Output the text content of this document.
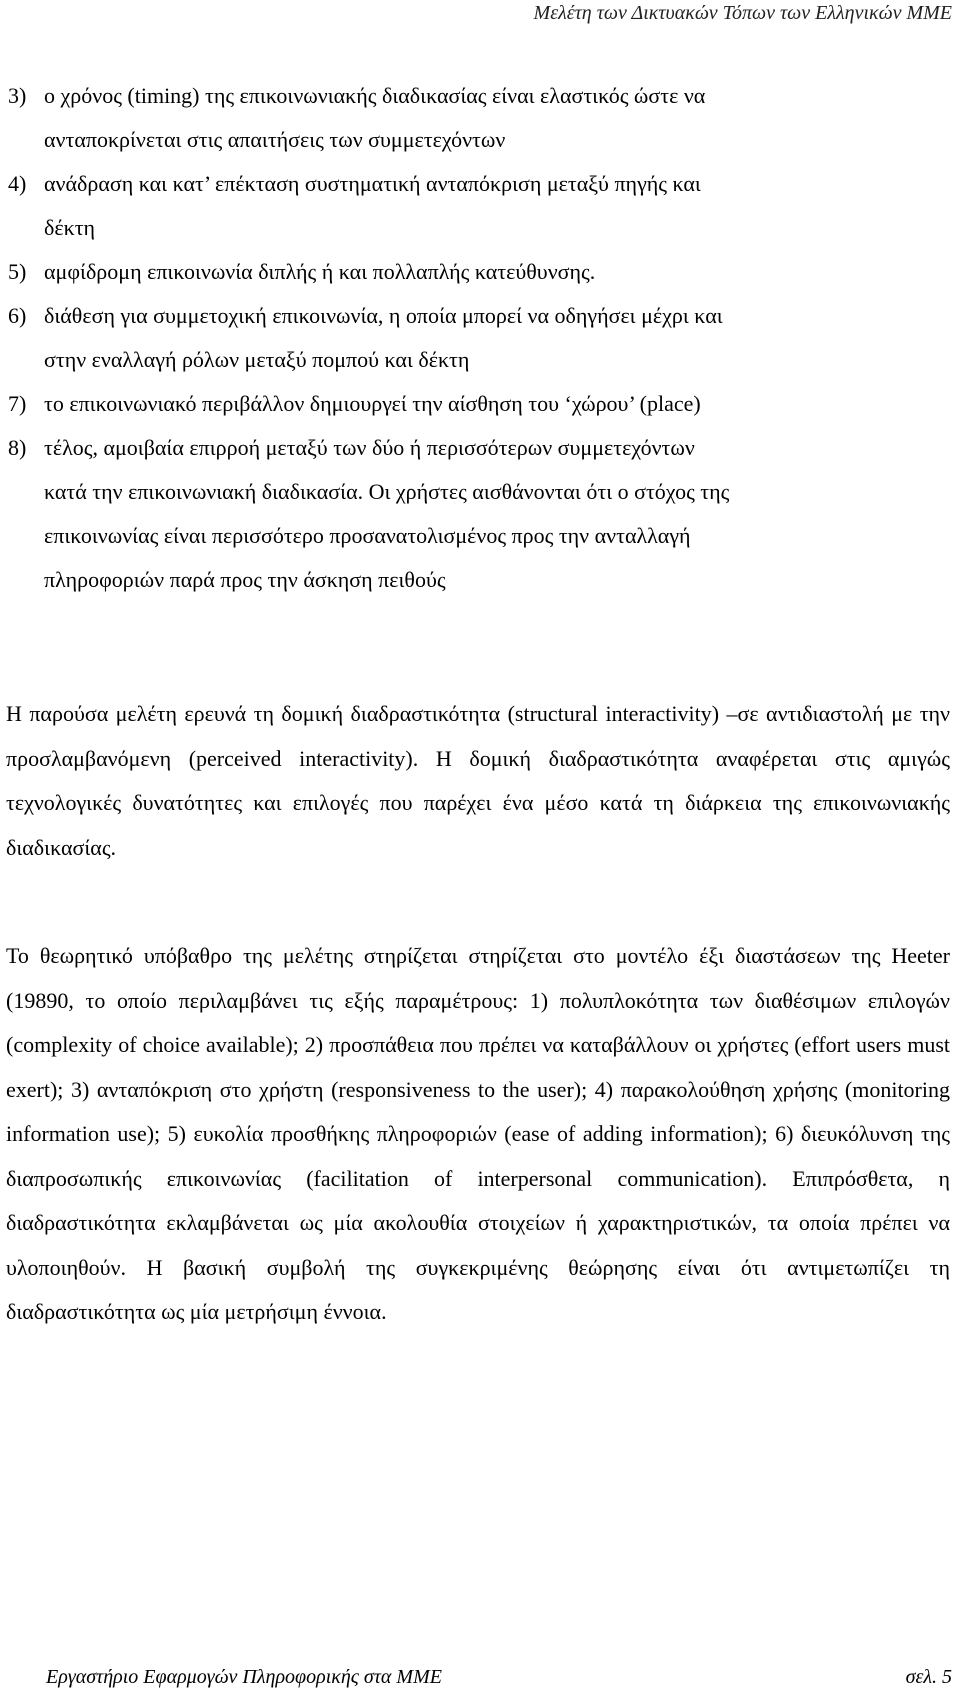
Μελέτη των Δικτυακών Τόπων των Ελληνικών ΜΜΕ
3) ο χρόνος (timing) της επικοινωνιακής διαδικασίας είναι ελαστικός ώστε να
ανταποκρίνεται στις απαιτήσεις των συμμετεχόντων
4) ανάδραση και κατ’ επέκταση συστηματική ανταπόκριση μεταξύ πηγής και
δέκτη
5) αμφίδρομη επικοινωνία διπλής ή και πολλαπλής κατεύθυνσης.
6) διάθεση για συμμετοχική επικοινωνία, η οποία μπορεί να οδηγήσει μέχρι και
στην εναλλαγή ρόλων μεταξύ πομπού και δέκτη
7) το επικοινωνιακό περιβάλλον δημιουργεί την αίσθηση του ‘χώρου’ (place)
8) τέλος, αμοιβαία επιρροή μεταξύ των δύο ή περισσότερων συμμετεχόντων
κατά την επικοινωνιακή διαδικασία. Οι χρήστες αισθάνονται ότι ο στόχος της
επικοινωνίας είναι περισσότερο προσανατολισμένος προς την ανταλλαγή
πληροφοριών παρά προς την άσκηση πειθούς
Η παρούσα μελέτη ερευνά τη δομική διαδραστικότητα (structural interactivity) –σε αντιδιαστολή με την προσλαμβανόμενη (perceived interactivity). Η δομική διαδραστικότητα αναφέρεται στις αμιγώς τεχνολογικές δυνατότητες και επιλογές που παρέχει ένα μέσο κατά τη διάρκεια της επικοινωνιακής διαδικασίας.
Το θεωρητικό υπόβαθρο της μελέτης στηρίζεται στηρίζεται στο μοντέλο έξι διαστάσεων της Heeter (19890, το οποίο περιλαμβάνει τις εξής παραμέτρους: 1) πολυπλοκότητα των διαθέσιμων επιλογών (complexity of choice available); 2) προσπάθεια που πρέπει να καταβάλλουν οι χρήστες (effort users must exert); 3) ανταπόκριση στο χρήστη (responsiveness to the user); 4) παρακολούθηση χρήσης (monitoring information use); 5) ευκολία προσθήκης πληροφοριών (ease of adding information); 6) διευκόλυνση της διαπροσωπικής επικοινωνίας (facilitation of interpersonal communication). Επιπρόσθετα, η διαδραστικότητα εκλαμβάνεται ως μία ακολουθία στοιχείων ή χαρακτηριστικών, τα οποία πρέπει να υλοποιηθούν. Η βασική συμβολή της συγκεκριμένης θεώρησης είναι ότι αντιμετωπίζει τη διαδραστικότητα ως μία μετρήσιμη έννοια.
Εργαστήριο Εφαρμογών Πληροφορικής στα ΜΜΕ	σελ. 5
